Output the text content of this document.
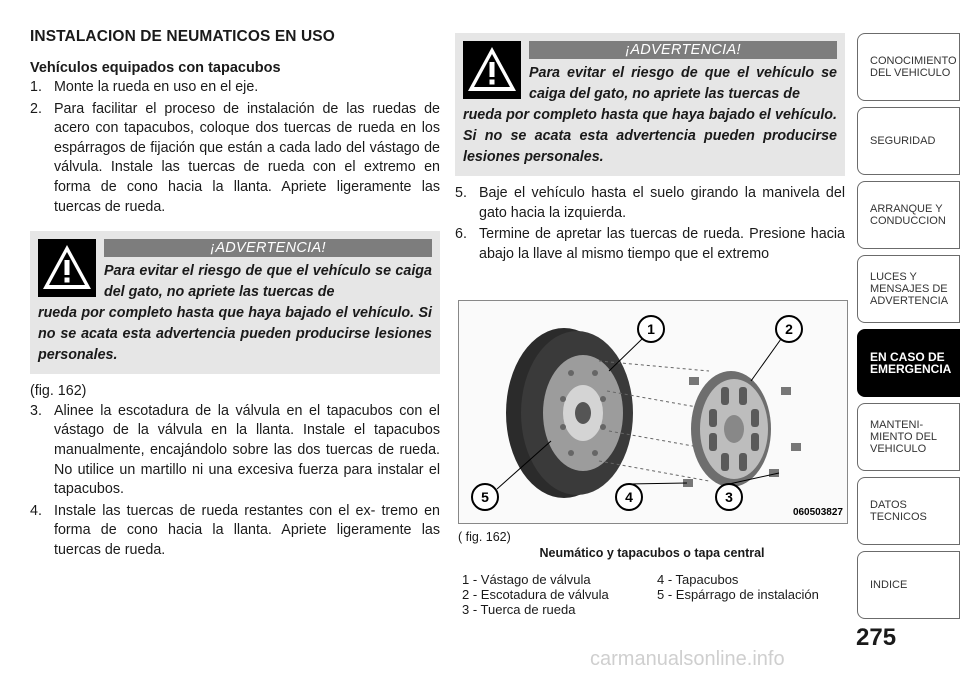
INSTALACION DE NEUMATICOS EN USO
Vehículos equipados con tapacubos
1. Monte la rueda en uso en el eje.
2. Para facilitar el proceso de instalación de las ruedas de acero con tapacubos, coloque dos tuercas de rueda en los espárragos de fijación que están a cada lado del vástago de válvula. Instale las tuercas de rueda con el extremo en forma de cono hacia la llanta. Apriete ligeramente las tuercas de rueda.
¡ADVERTENCIA!
Para evitar el riesgo de que el vehículo se caiga del gato, no apriete las tuercas de
rueda por completo hasta que haya bajado el vehículo. Si no se acata esta advertencia pueden producirse lesiones personales.

(fig. 162)

3. Alinee la escotadura de la válvula en el tapacubos con el vástago de la válvula en la llanta. Instale el tapacubos manualmente, encajándolo sobre las dos tuercas de rueda. No utilice un martillo ni una excesiva fuerza para instalar el tapacubos.
4. Instale las tuercas de rueda restantes con el ex- tremo en forma de cono hacia la llanta. Apriete ligeramente las tuercas de rueda.
¡ADVERTENCIA!
Para evitar el riesgo de que el vehículo se caiga del gato, no apriete las tuercas de
rueda por completo hasta que haya bajado el vehículo. Si no se acata esta advertencia pueden producirse lesiones personales.
5. Baje el vehículo hasta el suelo girando la manivela del gato hacia la izquierda.
6. Termine de apretar las tuercas de rueda. Presione hacia abajo la llave al mismo tiempo que el extremo
1	2
3
4
5
060503827
( fig. 162)
Neumático y tapacubos o tapa central
1 - Vástago de válvula
2 - Escotadura de válvula
3 - Tuerca de rueda
4 - Tapacubos
5 - Espárrago de instalación
CONOCIMIENTO
DEL VEHICULO
SEGURIDAD
ARRANQUE Y
CONDUCCION
LUCES Y
MENSAJES DE
ADVERTENCIA
EN CASO DE
EMERGENCIA
MANTENI-
MIENTO DEL
VEHICULO
DATOS
TECNICOS
INDICE
275
carmanualsonline.info
